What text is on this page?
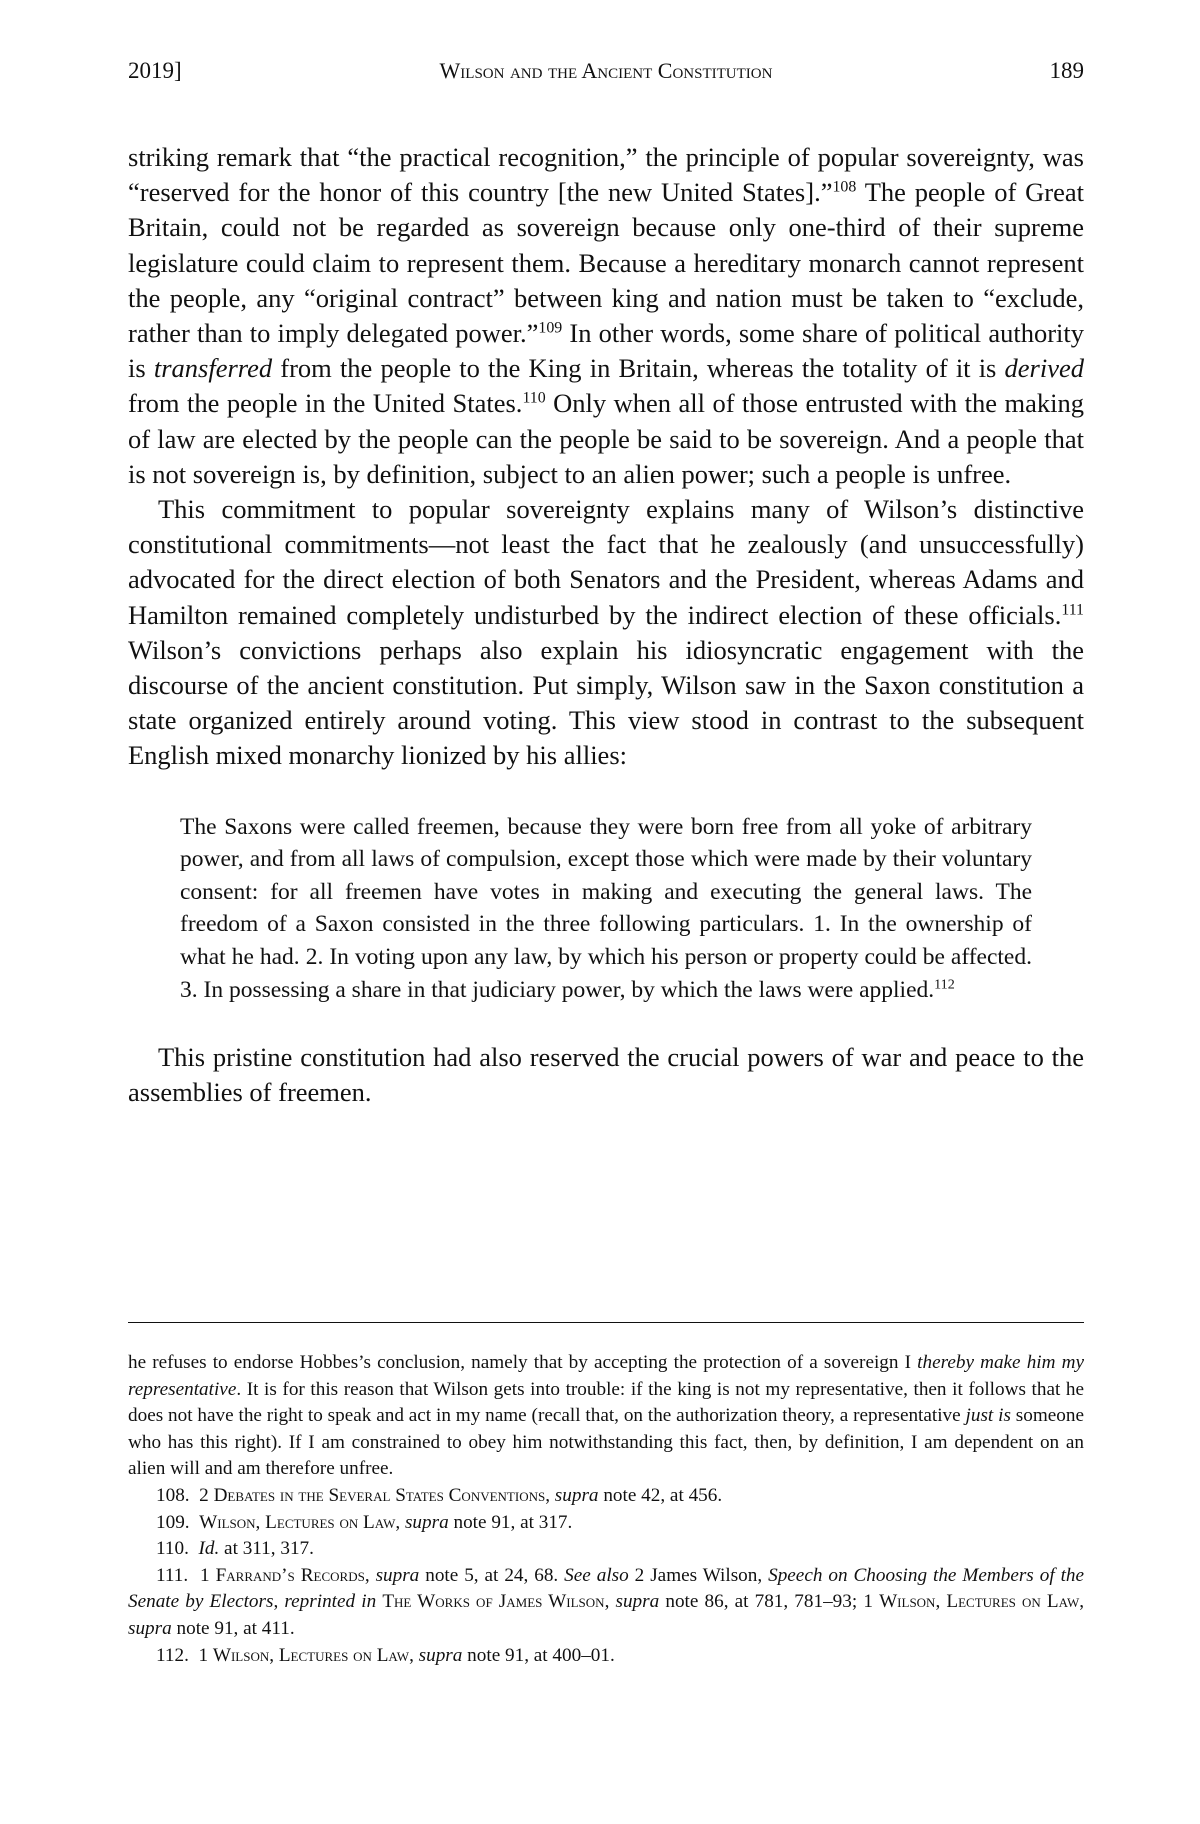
2019]	Wilson and the Ancient Constitution	189

striking remark that “the practical recognition,” the principle of popular sovereignty, was “reserved for the honor of this country [the new United States].”$^{108}$ The people of Great Britain, could not be regarded as sovereign because only one-third of their supreme legislature could claim to represent them. Because a hereditary monarch cannot represent the people, any “original contract” between king and nation must be taken to “exclude, rather than to imply delegated power.”$^{109}$ In other words, some share of political authority is transferred from the people to the King in Britain, whereas the totality of it is derived from the people in the United States.$^{110}$ Only when all of those entrusted with the making of law are elected by the people can the people be said to be sovereign. And a people that is not sovereign is, by definition, subject to an alien power; such a people is unfree.

This commitment to popular sovereignty explains many of Wilson’s distinctive constitutional commitments—not least the fact that he zealously (and unsuccessfully) advocated for the direct election of both Senators and the President, whereas Adams and Hamilton remained completely undisturbed by the indirect election of these officials.$^{111}$ Wilson’s convictions perhaps also explain his idiosyncratic engagement with the discourse of the ancient constitution. Put simply, Wilson saw in the Saxon constitution a state organized entirely around voting. This view stood in contrast to the subsequent English mixed monarchy lionized by his allies:

The Saxons were called freemen, because they were born free from all yoke of arbitrary power, and from all laws of compulsion, except those which were made by their voluntary consent: for all freemen have votes in making and executing the general laws. The freedom of a Saxon consisted in the three following particulars. 1. In the ownership of what he had. 2. In voting upon any law, by which his person or property could be affected. 3. In possessing a share in that judiciary power, by which the laws were applied.$^{112}$

This pristine constitution had also reserved the crucial powers of war and peace to the assemblies of freemen.

he refuses to endorse Hobbes’s conclusion, namely that by accepting the protection of a sovereign I thereby make him my representative. It is for this reason that Wilson gets into trouble: if the king is not my representative, then it follows that he does not have the right to speak and act in my name (recall that, on the authorization theory, a representative just is someone who has this right). If I am constrained to obey him notwithstanding this fact, then, by definition, I am dependent on an alien will and am therefore unfree.

108. 2 Debates in the Several States Conventions, supra note 42, at 456.

109. Wilson, Lectures on Law, supra note 91, at 317.

110. Id. at 311, 317.

111. 1 Farrand’s Records, supra note 5, at 24, 68. See also 2 James Wilson, Speech on Choosing the Members of the Senate by Electors, reprinted in The Works of James Wilson, supra note 86, at 781, 781–93; 1 Wilson, Lectures on Law, supra note 91, at 411.

112. 1 Wilson, Lectures on Law, supra note 91, at 400–01.
